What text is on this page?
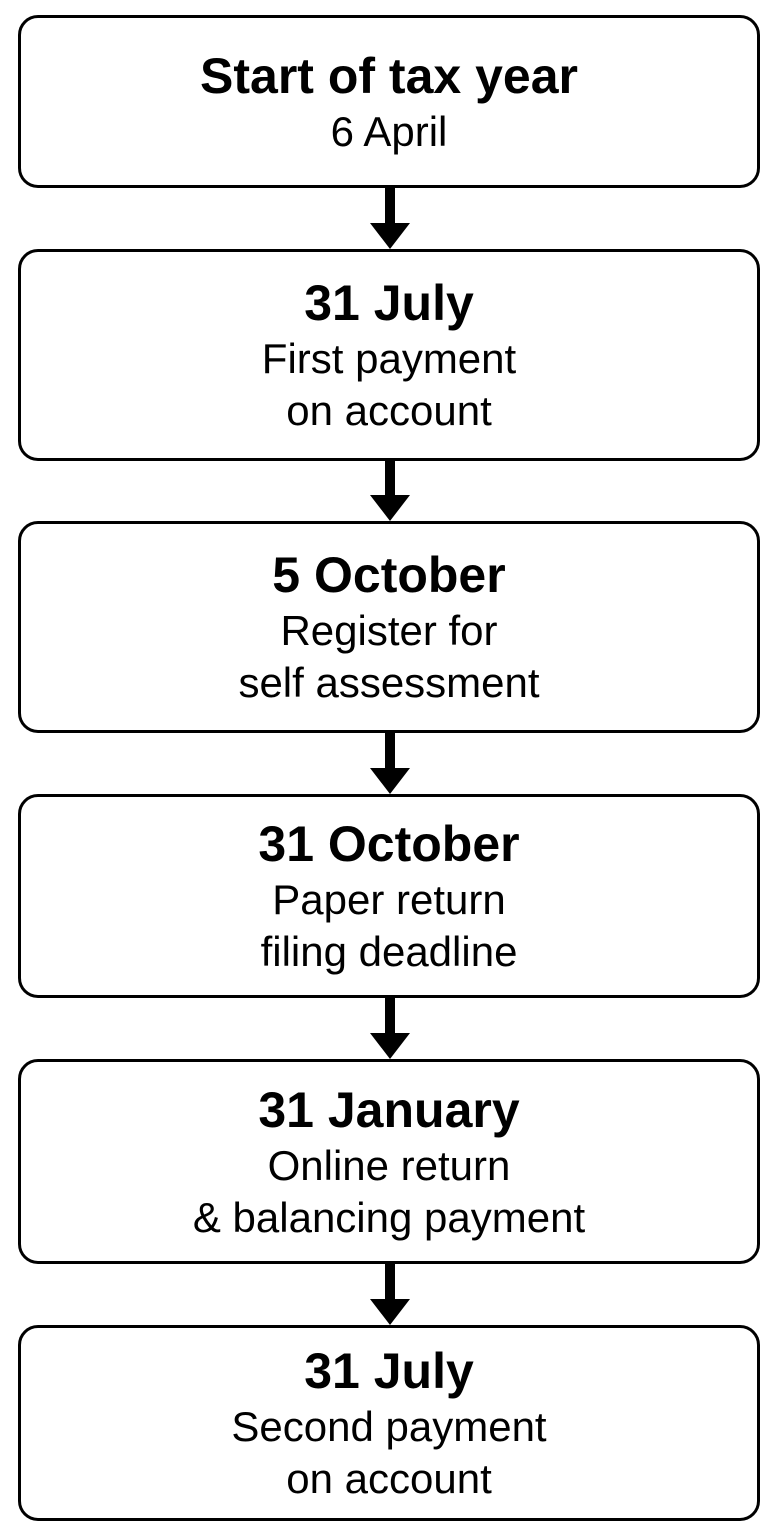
Start of tax year
6 April
31 July
First payment
on account
5 October
Register for
self assessment
31 October
Paper return
filing deadline
31 January
Online return
& balancing payment
31 July
Second payment
on account
